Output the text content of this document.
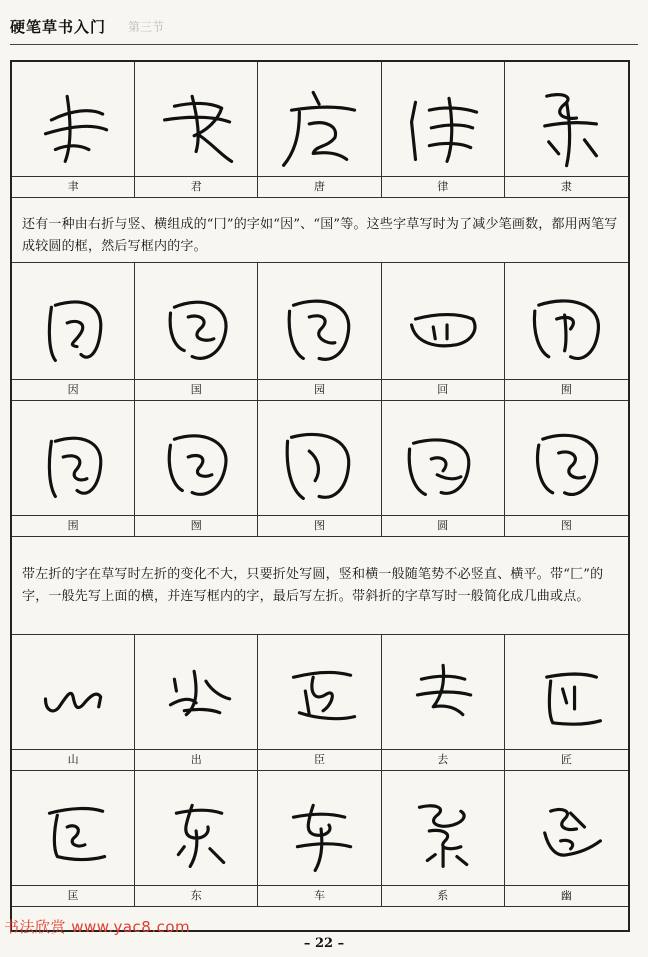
硬笔草书入门 第三节
聿	君	唐	律	隶
还有一种由右折与竖、横组成的“冂”的字如“因”、“国”等。这些字草写时为了减少笔画数，都用两笔写成较圆的框，然后写框内的字。
因	国	园	回	囿
围	囫	图	圆	图
带左折的字在草写时左折的变化不大，只要折处写圆，竖和横一般随笔势不必竖直、横平。带“匚”的字，一般先写上面的横，并连写框内的字，最后写左折。带斜折的字草写时一般简化成几曲或点。
山	出	臣	去	匠
匡	东	车	系	幽
书法欣赏 www.yac8.com
– 22 –
